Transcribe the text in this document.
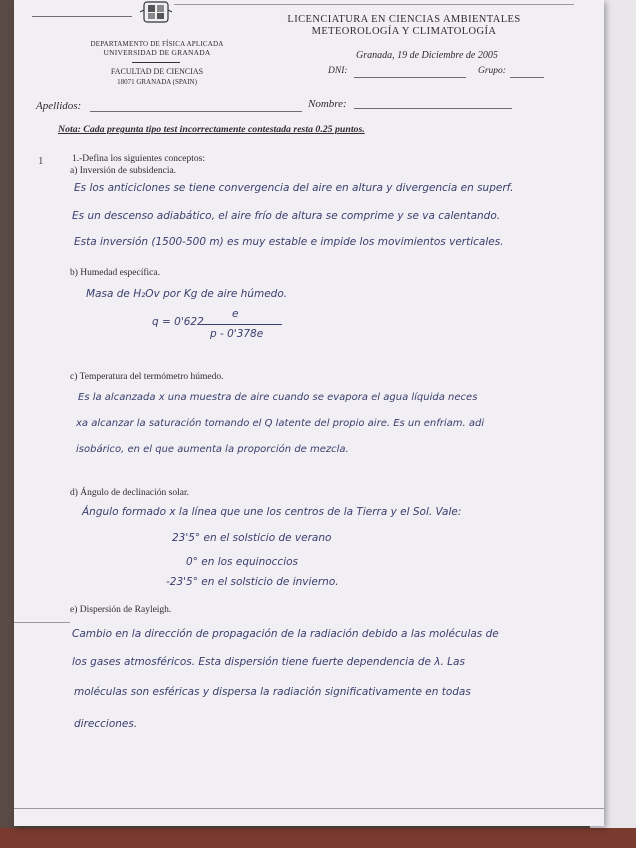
DEPARTAMENTO DE FÍSICA APLICADA
UNIVERSIDAD DE GRANADA
FACULTAD DE CIENCIAS
18071 GRANADA (SPAIN)
LICENCIATURA EN CIENCIAS AMBIENTALES
METEOROLOGÍA Y CLIMATOLOGÍA
Granada, 19 de Diciembre de 2005
DNI:	Grupo:
Apellidos:	Nombre:
Nota: Cada pregunta tipo test incorrectamente contestada resta 0.25 puntos.
1	1.-Defina los siguientes conceptos:
a) Inversión de subsidencia.
Es los anticiclones se tiene convergencia del aire en altura y divergencia en superf.
Es un descenso adiabático, el aire frío de altura se comprime y se va calentando.
Esta inversión (1500-500 m) es muy estable e impide los movimientos verticales.
b) Humedad específica.
Masa de H₂Ov por Kg de aire húmedo.
q = 0'622
e
p - 0'378e
c) Temperatura del termómetro húmedo.
Es la alcanzada x una muestra de aire cuando se evapora el agua líquida neces
xa alcanzar la saturación tomando el Q latente del propio aire. Es un enfriam. adi
isobárico, en el que aumenta la proporción de mezcla.
d) Ángulo de declinación solar.
Ángulo formado x la línea que une los centros de la Tierra y el Sol. Vale:
23'5° en el solsticio de verano
0° en los equinoccios
-23'5° en el solsticio de invierno.
e) Dispersión de Rayleigh.
Cambio en la dirección de propagación de la radiación debido a las moléculas de
los gases atmosféricos. Esta dispersión tiene fuerte dependencia de λ. Las
moléculas son esféricas y dispersa la radiación significativamente en todas
direcciones.
